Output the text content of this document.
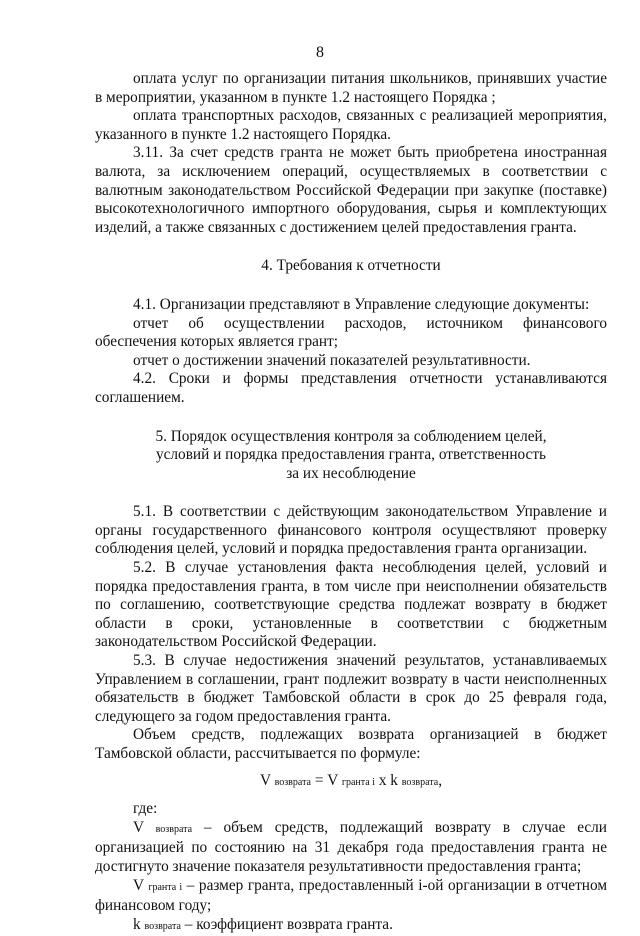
8

оплата услуг по организации питания школьников, принявших участие в мероприятии, указанном в пункте 1.2 настоящего Порядка ;

оплата транспортных расходов, связанных с реализацией мероприятия, указанного в пункте 1.2 настоящего Порядка.

3.11. За счет средств гранта не может быть приобретена иностранная валюта, за исключением операций, осуществляемых в соответствии с валютным законодательством Российской Федерации при закупке (поставке) высокотехнологичного импортного оборудования, сырья и комплектующих изделий, а также связанных с достижением целей предоставления гранта.

4. Требования к отчетности

4.1. Организации представляют в Управление следующие документы:

отчет об осуществлении расходов, источником финансового обеспечения которых является грант;

отчет о достижении значений показателей результативности.

4.2. Сроки и формы представления отчетности устанавливаются соглашением.

5. Порядок осуществления контроля за соблюдением целей,

условий и порядка предоставления гранта, ответственность

за их несоблюдение

5.1. В соответствии с действующим законодательством Управление и органы государственного финансового контроля осуществляют проверку соблюдения целей, условий и порядка предоставления гранта организации.

5.2. В случае установления факта несоблюдения целей, условий и порядка предоставления гранта, в том числе при неисполнении обязательств по соглашению, соответствующие средства подлежат возврату в бюджет области в сроки, установленные в соответствии с бюджетным законодательством Российской Федерации.

5.3. В случае недостижения значений результатов, устанавливаемых Управлением в соглашении, грант подлежит возврату в части неисполненных обязательств в бюджет Тамбовской области в срок до 25 февраля года, следующего за годом предоставления гранта.

Объем средств, подлежащих возврата организацией в бюджет Тамбовской области, рассчитывается по формуле:

V возврата = V гранта i x k возврата,

где:

V возврата – объем средств, подлежащий возврату в случае если организацией по состоянию на 31 декабря года предоставления гранта не достигнуто значение показателя результативности предоставления гранта;

V гранта i – размер гранта, предоставленный i-ой организации в отчетном финансовом году;

k возврата – коэффициент возврата гранта.
